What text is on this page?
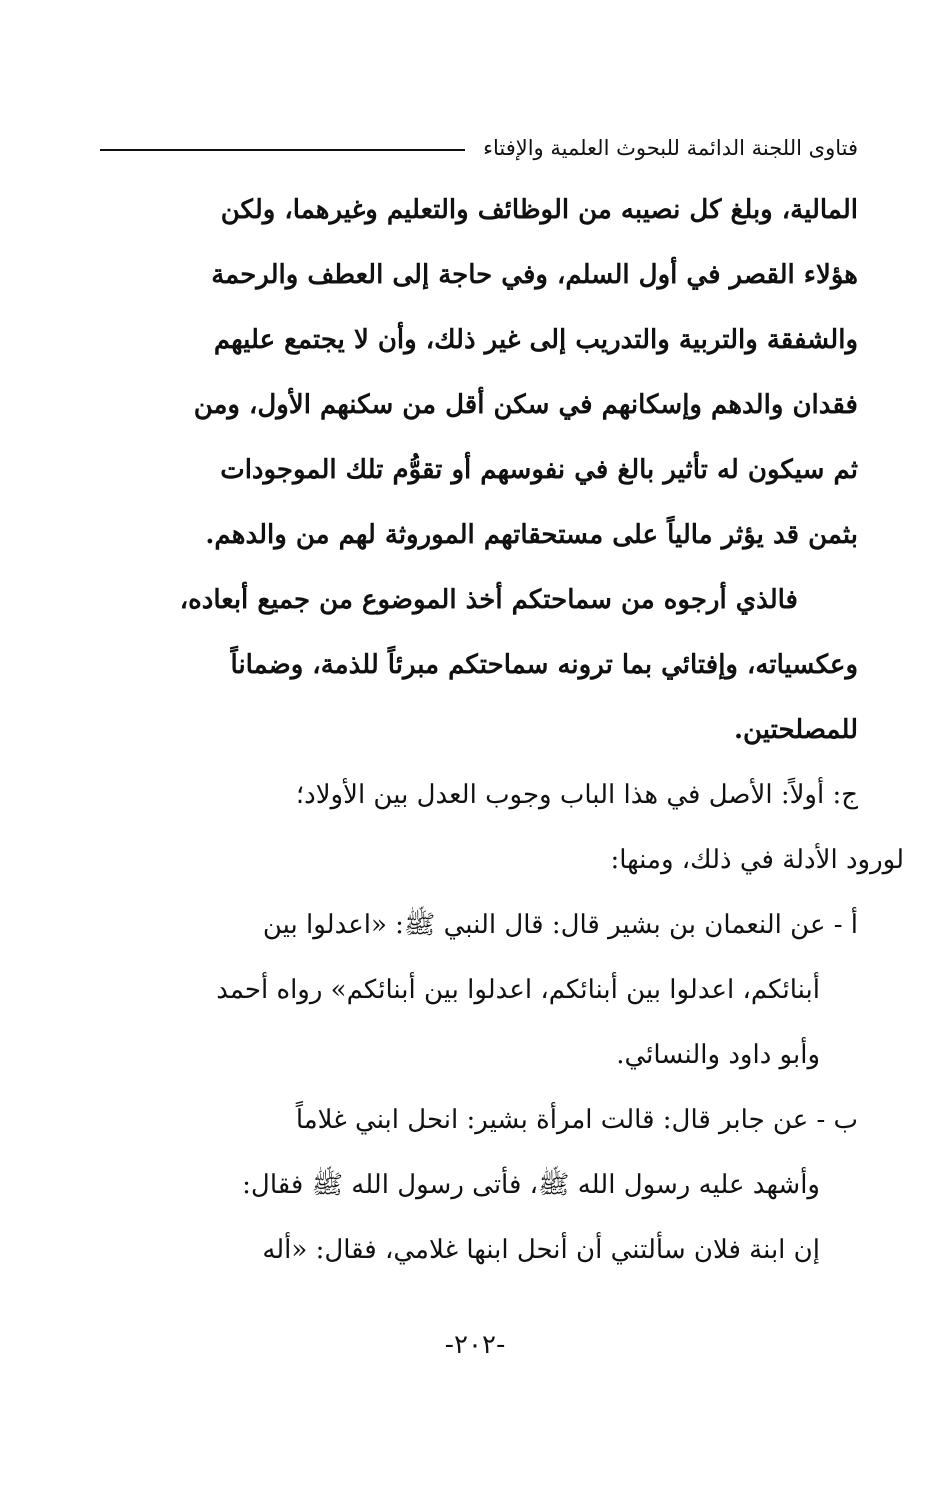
فتاوى اللجنة الدائمة للبحوث العلمية والإفتاء
المالية، وبلغ كل نصيبه من الوظائف والتعليم وغيرهما، ولكن
هؤلاء القصر في أول السلم، وفي حاجة إلى العطف والرحمة
والشفقة والتربية والتدريب إلى غير ذلك، وأن لا يجتمع عليهم
فقدان والدهم وإسكانهم في سكن أقل من سكنهم الأول، ومن
ثم سيكون له تأثير بالغ في نفوسهم أو تقوُّم تلك الموجودات
بثمن قد يؤثر مالياً على مستحقاتهم الموروثة لهم من والدهم.
فالذي أرجوه من سماحتكم أخذ الموضوع من جميع أبعاده،
وعكسياته، وإفتائي بما ترونه سماحتكم مبرئاً للذمة، وضماناً
للمصلحتين.
ج: أولاً: الأصل في هذا الباب وجوب العدل بين الأولاد؛
لورود الأدلة في ذلك، ومنها:
أ - عن النعمان بن بشير قال: قال النبي ﷺ: «اعدلوا بين
أبنائكم، اعدلوا بين أبنائكم، اعدلوا بين أبنائكم» رواه أحمد
وأبو داود والنسائي.
ب - عن جابر قال: قالت امرأة بشير: انحل ابني غلاماً
وأشهد عليه رسول الله ﷺ، فأتى رسول الله ﷺ فقال:
إن ابنة فلان سألتني أن أنحل ابنها غلامي، فقال: «أله
-٢٠٢-
